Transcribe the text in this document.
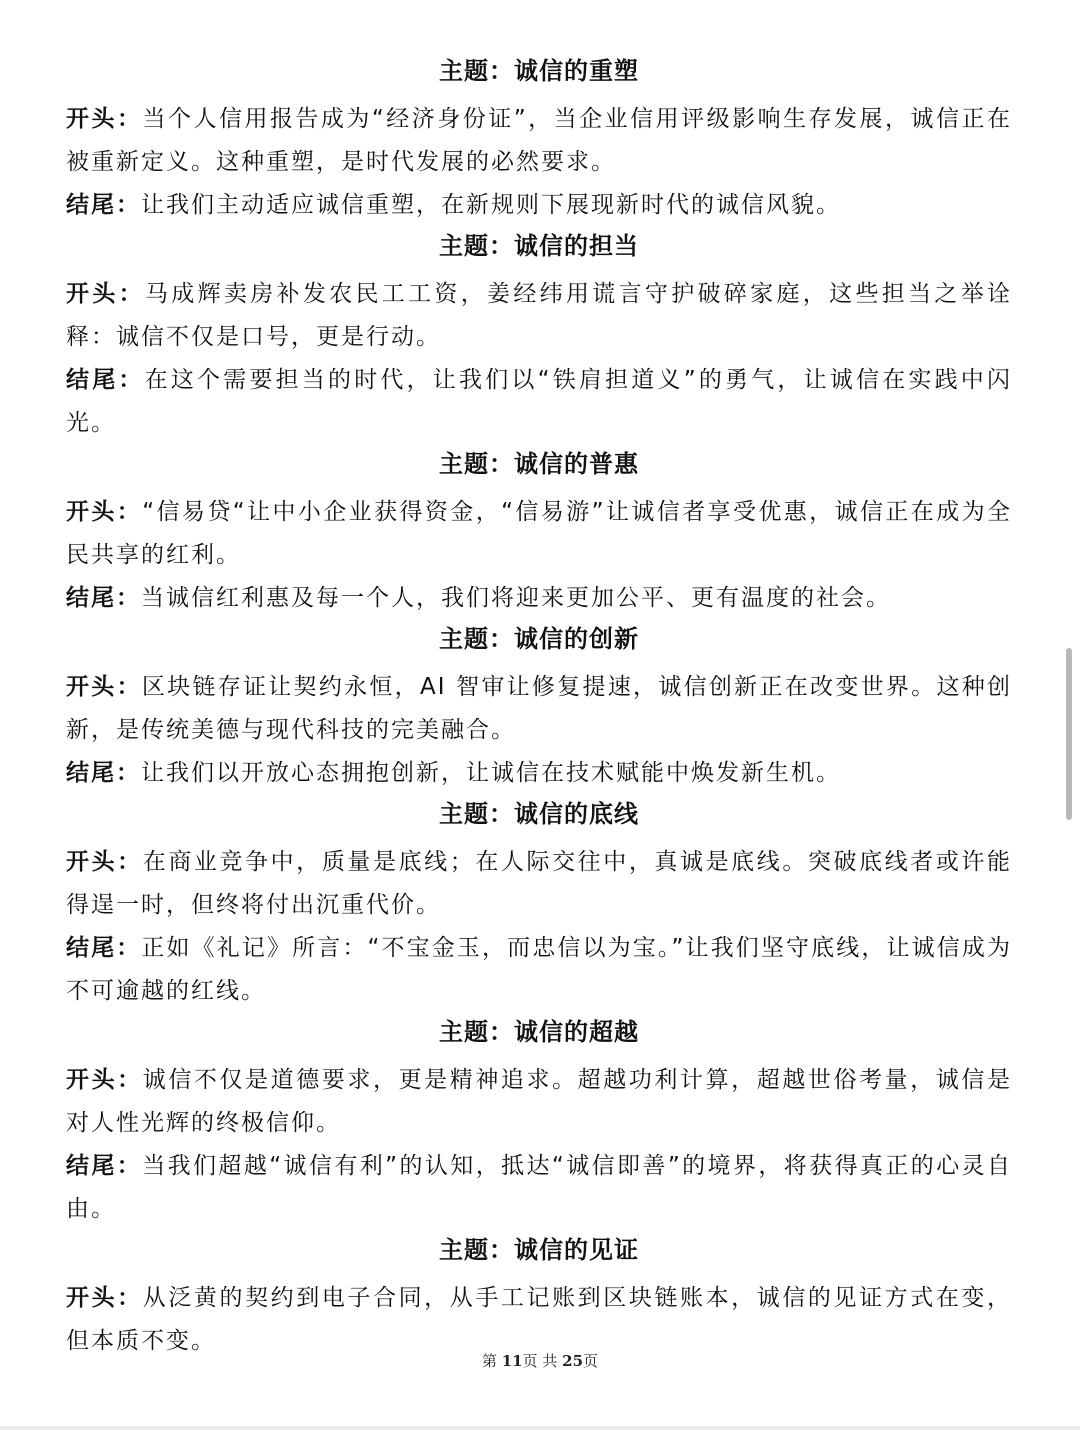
主题：诚信的重塑

开头：当个人信用报告成为“经济身份证”，当企业信用评级影响生存发展，诚信正在被重新定义。这种重塑，是时代发展的必然要求。

结尾：让我们主动适应诚信重塑，在新规则下展现新时代的诚信风貌。

主题：诚信的担当

开头：马成辉卖房补发农民工工资，姜经纬用谎言守护破碎家庭，这些担当之举诠释：诚信不仅是口号，更是行动。

结尾：在这个需要担当的时代，让我们以“铁肩担道义”的勇气，让诚信在实践中闪光。

主题：诚信的普惠

开头：“信易贷“让中小企业获得资金，“信易游”让诚信者享受优惠，诚信正在成为全民共享的红利。

结尾：当诚信红利惠及每一个人，我们将迎来更加公平、更有温度的社会。

主题：诚信的创新

开头：区块链存证让契约永恒，AI 智审让修复提速，诚信创新正在改变世界。这种创新，是传统美德与现代科技的完美融合。

结尾：让我们以开放心态拥抱创新，让诚信在技术赋能中焕发新生机。

主题：诚信的底线

开头：在商业竞争中，质量是底线；在人际交往中，真诚是底线。突破底线者或许能得逞一时，但终将付出沉重代价。

结尾：正如《礼记》所言：“不宝金玉，而忠信以为宝。”让我们坚守底线，让诚信成为不可逾越的红线。

主题：诚信的超越

开头：诚信不仅是道德要求，更是精神追求。超越功利计算，超越世俗考量，诚信是对人性光辉的终极信仰。

结尾：当我们超越“诚信有利”的认知，抵达“诚信即善”的境界，将获得真正的心灵自由。

主题：诚信的见证

开头：从泛黄的契约到电子合同，从手工记账到区块链账本，诚信的见证方式在变，但本质不变。

第 11页 共 25页
